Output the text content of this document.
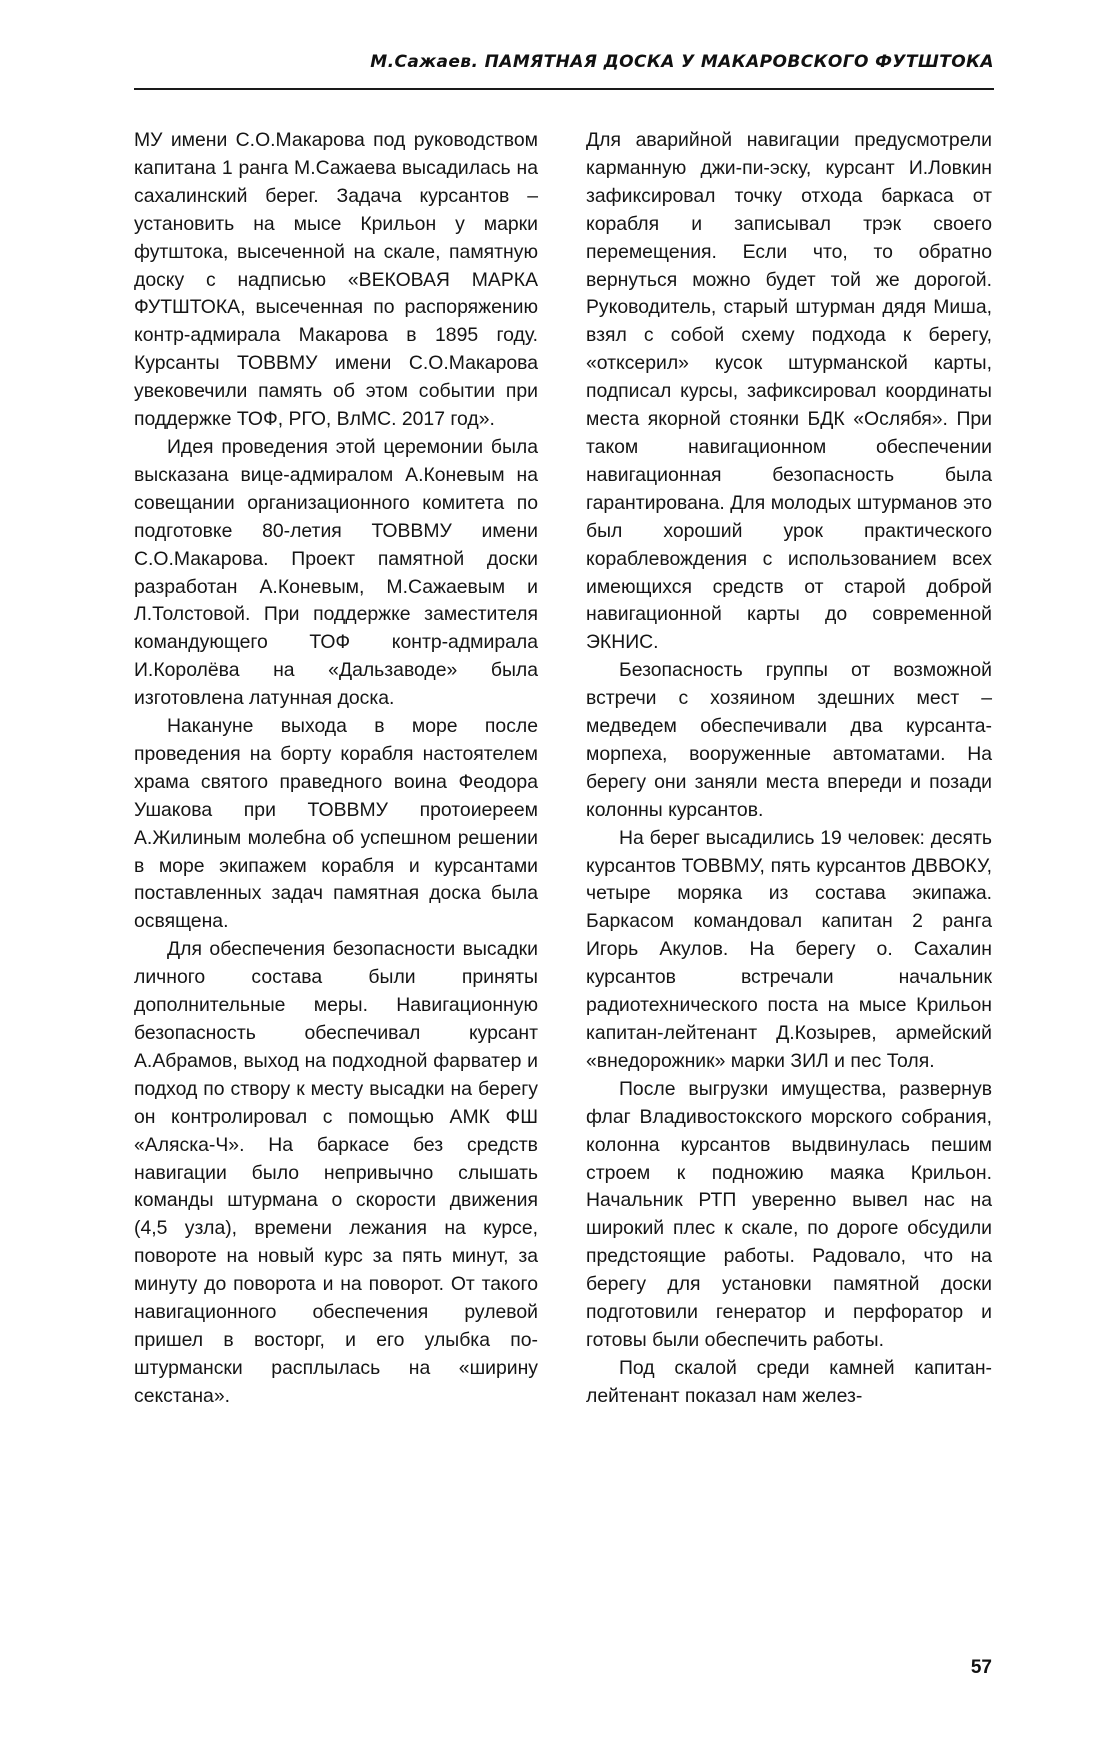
М.Сажаев. ПАМЯТНАЯ ДОСКА У МАКАРОВСКОГО ФУТШТОКА

МУ имени С.О.Макарова под руководством капитана 1 ранга М.Сажаева высадилась на сахалинский берег. Задача курсантов – установить на мысе Крильон у марки футштока, высеченной на скале, памятную доску с надписью «ВЕКОВАЯ МАРКА ФУТШТОКА, высеченная по распоряжению контр-адмирала Макарова в 1895 году. Курсанты ТОВВМУ имени С.О.Макарова увековечили память об этом событии при поддержке ТОФ, РГО, ВлМС. 2017 год».

Идея проведения этой церемонии была высказана вице-адмиралом А.Коневым на совещании организационного комитета по подготовке 80-летия ТОВВМУ имени С.О.Макарова. Проект памятной доски разработан А.Коневым, М.Сажаевым и Л.Толстовой. При поддержке заместителя командующего ТОФ контр-адмирала И.Королёва на «Дальзаводе» была изготовлена латунная доска.

Накануне выхода в море после проведения на борту корабля настоятелем храма святого праведного воина Феодора Ушакова при ТОВВМУ протоиереем А.Жилиным молебна об успешном решении в море экипажем корабля и курсантами поставленных задач памятная доска была освящена.

Для обеспечения безопасности высадки личного состава были приняты дополнительные меры. Навигационную безопасность обеспечивал курсант А.Абрамов, выход на подходной фарватер и подход по створу к месту высадки на берегу он контролировал с помощью АМК ФШ «Аляска-Ч». На баркасе без средств навигации было непривычно слышать команды штурмана о скорости движения (4,5 узла), времени лежания на курсе, повороте на новый курс за пять минут, за минуту до поворота и на поворот. От такого навигационного обеспечения рулевой пришел в восторг, и его улыбка по-штурмански расплылась на «ширину секстана».

Для аварийной навигации предусмотрели карманную джи-пи-эску, курсант И.Ловкин зафиксировал точку отхода баркаса от корабля и записывал трэк своего перемещения. Если что, то обратно вернуться можно будет той же дорогой. Руководитель, старый штурман дядя Миша, взял с собой схему подхода к берегу, «отксерил» кусок штурманской карты, подписал курсы, зафиксировал координаты места якорной стоянки БДК «Ослябя». При таком навигационном обеспечении навигационная безопасность была гарантирована. Для молодых штурманов это был хороший урок практического кораблевождения с использованием всех имеющихся средств от старой доброй навигационной карты до современной ЭКНИС.

Безопасность группы от возможной встречи с хозяином здешних мест – медведем обеспечивали два курсанта-морпеха, вооруженные автоматами. На берегу они заняли места впереди и позади колонны курсантов.

На берег высадились 19 человек: десять курсантов ТОВВМУ, пять курсантов ДВВОКУ, четыре моряка из состава экипажа. Баркасом командовал капитан 2 ранга Игорь Акулов. На берегу о. Сахалин курсантов встречали начальник радиотехнического поста на мысе Крильон капитан-лейтенант Д.Козырев, армейский «внедорожник» марки ЗИЛ и пес Толя.

После выгрузки имущества, развернув флаг Владивостокского морского собрания, колонна курсантов выдвинулась пешим строем к подножию маяка Крильон. Начальник РТП уверенно вывел нас на широкий плес к скале, по дороге обсудили предстоящие работы. Радовало, что на берегу для установки памятной доски подготовили генератор и перфоратор и готовы были обеспечить работы.

Под скалой среди камней капитан-лейтенант показал нам желез-

57
